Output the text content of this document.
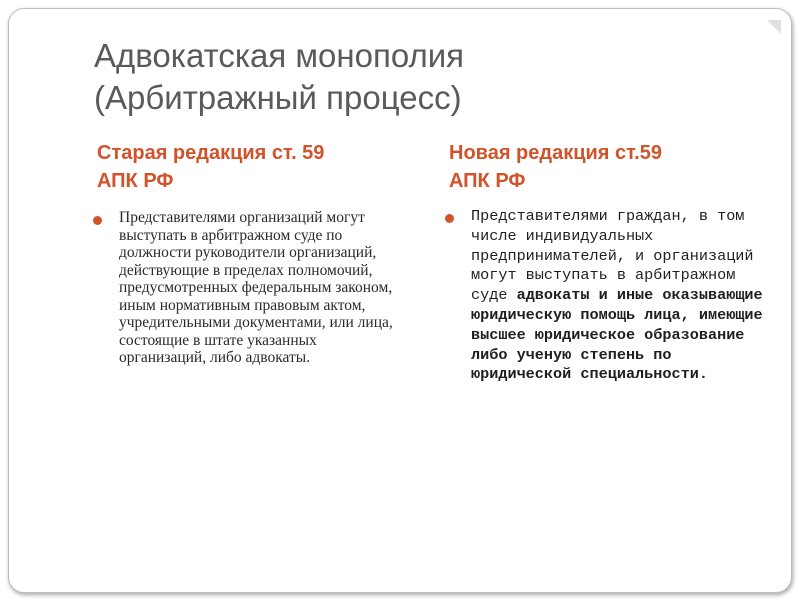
Адвокатская монополия
(Арбитражный процесс)
Старая редакция ст. 59
АПК РФ
Новая редакция ст.59
АПК РФ
Представителями организаций могут выступать в арбитражном суде по должности руководители организаций, действующие в пределах полномочий, предусмотренных федеральным законом, иным нормативным правовым актом, учредительными документами, или лица, состоящие в штате указанных организаций, либо адвокаты.
Представителями граждан, в том числе индивидуальных предпринимателей, и организаций могут выступать в арбитражном суде адвокаты и иные оказывающие юридическую помощь лица, имеющие высшее юридическое образование либо ученую степень по юридической специальности.
